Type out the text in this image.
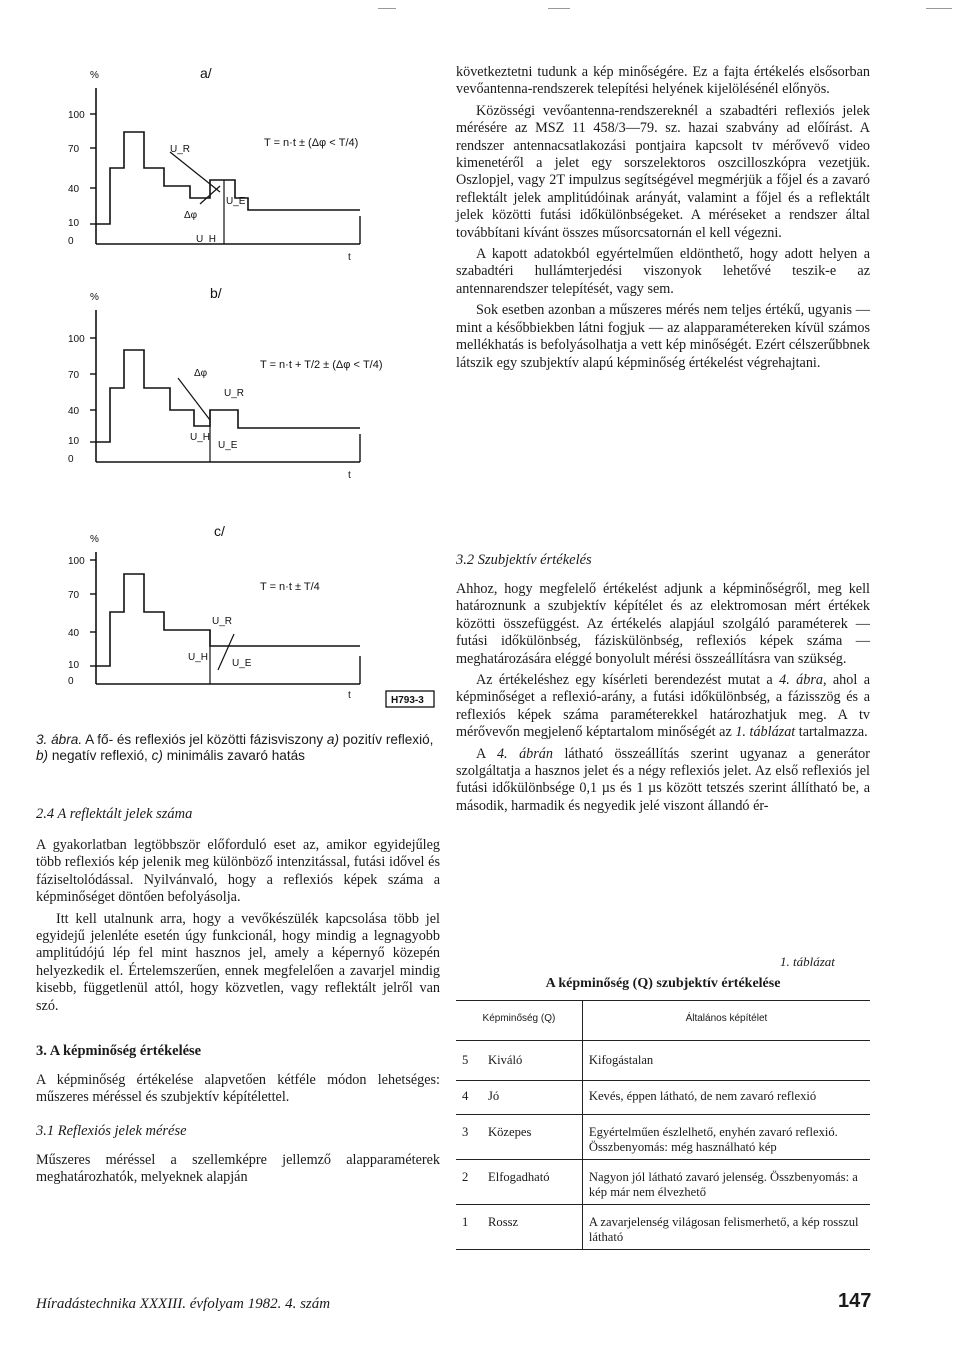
%	a/
100
70
40
10
0
T = n·t ± (Δφ < T/4)
U_R
U_E
U_H
Δφ
t
%	b/
100
70
40
10
0
T = n·t + T/2 ± (Δφ < T/4)
U_R
U_E
U_H
Δφ
t
%
c/
100
70
40
10
0
T = n·t ± T/4
U_R
U_E
U_H
t	H793-3
3. ábra. A fő- és reflexiós jel közötti fázisviszony a) pozitív reflexió, b) negatív reflexió, c) minimális zavaró hatás
2.4 A reflektált jelek száma

A gyakorlatban legtöbbször előforduló eset az, amikor egyidejűleg több reflexiós kép jelenik meg különböző intenzitással, futási idővel és fáziseltolódással. Nyilvánvaló, hogy a reflexiós képek száma a képminőséget döntően befolyásolja.

Itt kell utalnunk arra, hogy a vevőkészülék kapcsolása több jel egyidejű jelenléte esetén úgy funkcionál, hogy mindig a legnagyobb amplitúdójú lép fel mint hasznos jel, amely a képernyő közepén helyezkedik el. Értelemszerűen, ennek megfelelően a zavarjel mindig kisebb, függetlenül attól, hogy közvetlen, vagy reflektált jelről van szó.

3. A képminőség értékelése

A képminőség értékelése alapvetően kétféle módon lehetséges: műszeres méréssel és szubjektív képítélettel.

3.1 Reflexiós jelek mérése

Műszeres méréssel a szellemképre jellemző alapparaméterek meghatározhatók, melyeknek alapján

következtetni tudunk a kép minőségére. Ez a fajta értékelés elsősorban vevőantenna-rendszerek telepítési helyének kijelölésénél előnyös.

Közösségi vevőantenna-rendszereknél a szabadtéri reflexiós jelek mérésére az MSZ 11 458/3—79. sz. hazai szabvány ad előírást. A rendszer antennacsatlakozási pontjaira kapcsolt tv mérővevő video kimenetéről a jelet egy sorszelektoros oszcilloszkópra vezetjük. Oszlopjel, vagy 2T impulzus segítségével megmérjük a főjel és a zavaró reflektált jelek amplitúdóinak arányát, valamint a főjel és a reflektált jelek közötti futási időkülönbségeket. A méréseket a rendszer által továbbítani kívánt összes műsorcsatornán el kell végezni.

A kapott adatokból egyértelműen eldönthető, hogy adott helyen a szabadtéri hullámterjedési viszonyok lehetővé teszik-e az antennarendszer telepítését, vagy sem.

Sok esetben azonban a műszeres mérés nem teljes értékű, ugyanis — mint a későbbiekben látni fogjuk — az alapparamétereken kívül számos mellékhatás is befolyásolhatja a vett kép minőségét. Ezért célszerűbbnek látszik egy szubjektív alapú képminőség értékelést végrehajtani.

3.2 Szubjektív értékelés

Ahhoz, hogy megfelelő értékelést adjunk a képminőségről, meg kell határoznunk a szubjektív képítélet és az elektromosan mért értékek közötti összefüggést. Az értékelés alapjául szolgáló paraméterek — futási időkülönbség, fáziskülönbség, reflexiós képek száma — meghatározására eléggé bonyolult mérési összeállításra van szükség.

Az értékeléshez egy kísérleti berendezést mutat a 4. ábra, ahol a képminőséget a reflexió-arány, a futási időkülönbség, a fázisszög és a reflexiós képek száma paraméterekkel határozhatjuk meg. A tv mérővevőn megjelenő képtartalom minőségét az 1. táblázat tartalmazza.

A 4. ábrán látható összeállítás szerint ugyanaz a generátor szolgáltatja a hasznos jelet és a négy reflexiós jelet. Az első reflexiós jel futási időkülönbsége 0,1 µs és 1 µs között tetszés szerint állítható be, a második, harmadik és negyedik jelé viszont állandó ér-

1. táblázat
A képminőség (Q) szubjektív értékelése
Képminőség (Q)		Általános képítélet
5	Kiváló	Kifogástalan
4	Jó	Kevés, éppen látható, de nem zavaró reflexió
3	Közepes	Egyértelműen észlelhető, enyhén zavaró reflexió. Összbenyomás: még használható kép
2	Elfogadható	Nagyon jól látható zavaró jelenség. Összbenyomás: a kép már nem élvezhető
1	Rossz	A zavarjelenség világosan felismerhető, a kép rosszul látható
Híradástechnika XXXIII. évfolyam 1982. 4. szám	147
